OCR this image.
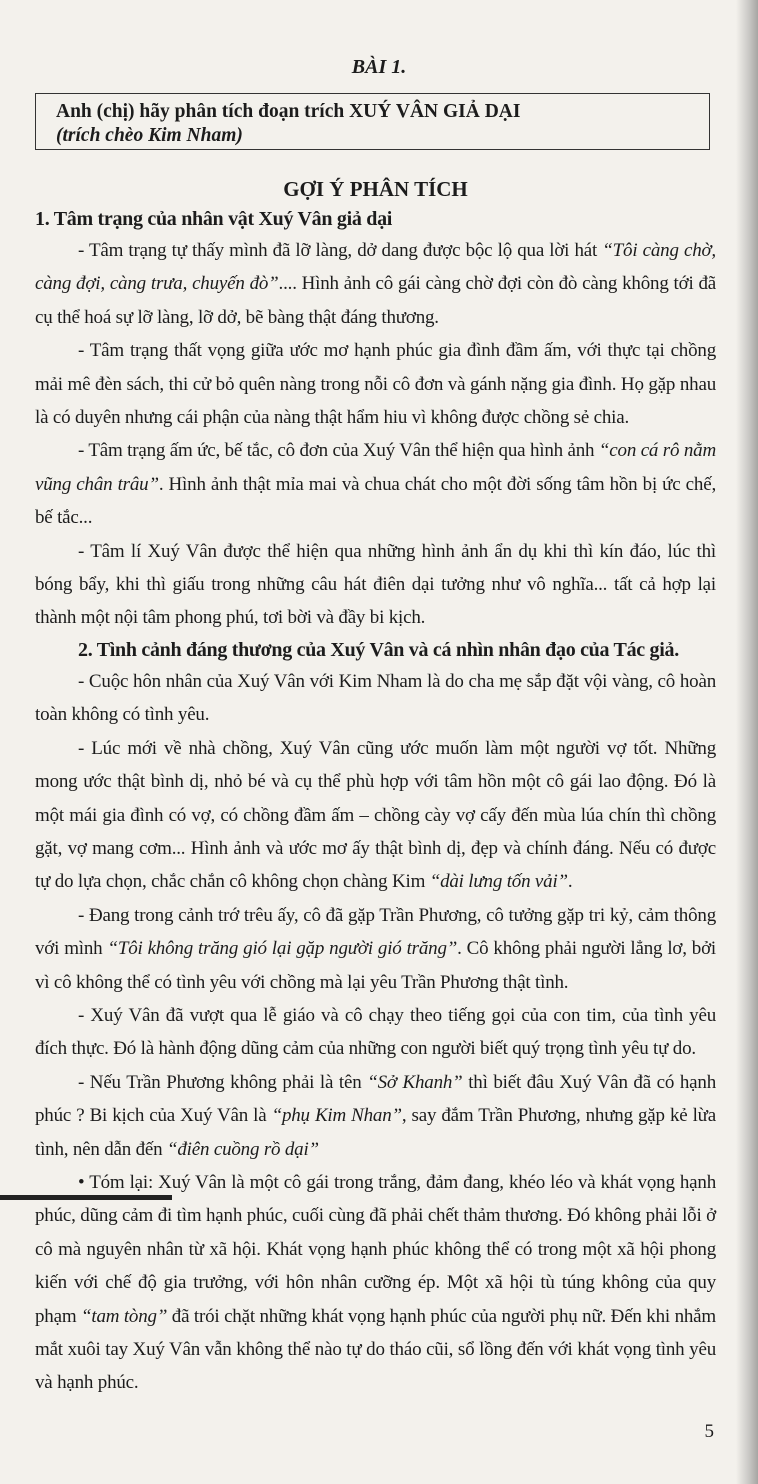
BÀI 1.
Anh (chị) hãy phân tích đoạn trích XUÝ VÂN GIẢ DẠI
(trích chèo Kim Nham)
GỢI Ý PHÂN TÍCH
1. Tâm trạng của nhân vật Xuý Vân giả dại

- Tâm trạng tự thấy mình đã lỡ làng, dở dang được bộc lộ qua lời hát “Tôi càng chờ, càng đợi, càng trưa, chuyến đò”.... Hình ảnh cô gái càng chờ đợi còn đò càng không tới đã cụ thể hoá sự lỡ làng, lỡ dở, bẽ bàng thật đáng thương.

- Tâm trạng thất vọng giữa ước mơ hạnh phúc gia đình đầm ấm, với thực tại chồng mải mê đèn sách, thi cử bỏ quên nàng trong nỗi cô đơn và gánh nặng gia đình. Họ gặp nhau là có duyên nhưng cái phận của nàng thật hẩm hiu vì không được chồng sẻ chia.

- Tâm trạng ấm ức, bế tắc, cô đơn của Xuý Vân thể hiện qua hình ảnh “con cá rô nằm vũng chân trâu”. Hình ảnh thật mỉa mai và chua chát cho một đời sống tâm hồn bị ức chế, bế tắc...

- Tâm lí Xuý Vân được thể hiện qua những hình ảnh ẩn dụ khi thì kín đáo, lúc thì bóng bẩy, khi thì giấu trong những câu hát điên dại tưởng như vô nghĩa... tất cả hợp lại thành một nội tâm phong phú, tơi bời và đầy bi kịch.

2. Tình cảnh đáng thương của Xuý Vân và cá nhìn nhân đạo của Tác giả.

- Cuộc hôn nhân của Xuý Vân với Kim Nham là do cha mẹ sắp đặt vội vàng, cô hoàn toàn không có tình yêu.

- Lúc mới về nhà chồng, Xuý Vân cũng ước muốn làm một người vợ tốt. Những mong ước thật bình dị, nhỏ bé và cụ thể phù hợp với tâm hồn một cô gái lao động. Đó là một mái gia đình có vợ, có chồng đầm ấm – chồng cày vợ cấy đến mùa lúa chín thì chồng gặt, vợ mang cơm... Hình ảnh và ước mơ ấy thật bình dị, đẹp và chính đáng. Nếu có được tự do lựa chọn, chắc chắn cô không chọn chàng Kim “dài lưng tốn vải”.

- Đang trong cảnh trớ trêu ấy, cô đã gặp Trần Phương, cô tưởng gặp tri kỷ, cảm thông với mình “Tôi không trăng gió lại gặp người gió trăng”. Cô không phải người lẳng lơ, bởi vì cô không thể có tình yêu với chồng mà lại yêu Trần Phương thật tình.

- Xuý Vân đã vượt qua lễ giáo và cô chạy theo tiếng gọi của con tim, của tình yêu đích thực. Đó là hành động dũng cảm của những con người biết quý trọng tình yêu tự do.

- Nếu Trần Phương không phải là tên “Sở Khanh” thì biết đâu Xuý Vân đã có hạnh phúc ? Bi kịch của Xuý Vân là “phụ Kim Nhan”, say đắm Trần Phương, nhưng gặp kẻ lừa tình, nên dẫn đến “điên cuồng rồ dại”

• Tóm lại: Xuý Vân là một cô gái trong trắng, đảm đang, khéo léo và khát vọng hạnh phúc, dũng cảm đi tìm hạnh phúc, cuối cùng đã phải chết thảm thương. Đó không phải lỗi ở cô mà nguyên nhân từ xã hội. Khát vọng hạnh phúc không thể có trong một xã hội phong kiến với chế độ gia trưởng, với hôn nhân cưỡng ép. Một xã hội tù túng không của quy phạm “tam tòng” đã trói chặt những khát vọng hạnh phúc của người phụ nữ. Đến khi nhắm mắt xuôi tay Xuý Vân vẫn không thể nào tự do tháo cũi, sổ lồng đến với khát vọng tình yêu và hạnh phúc.

5
